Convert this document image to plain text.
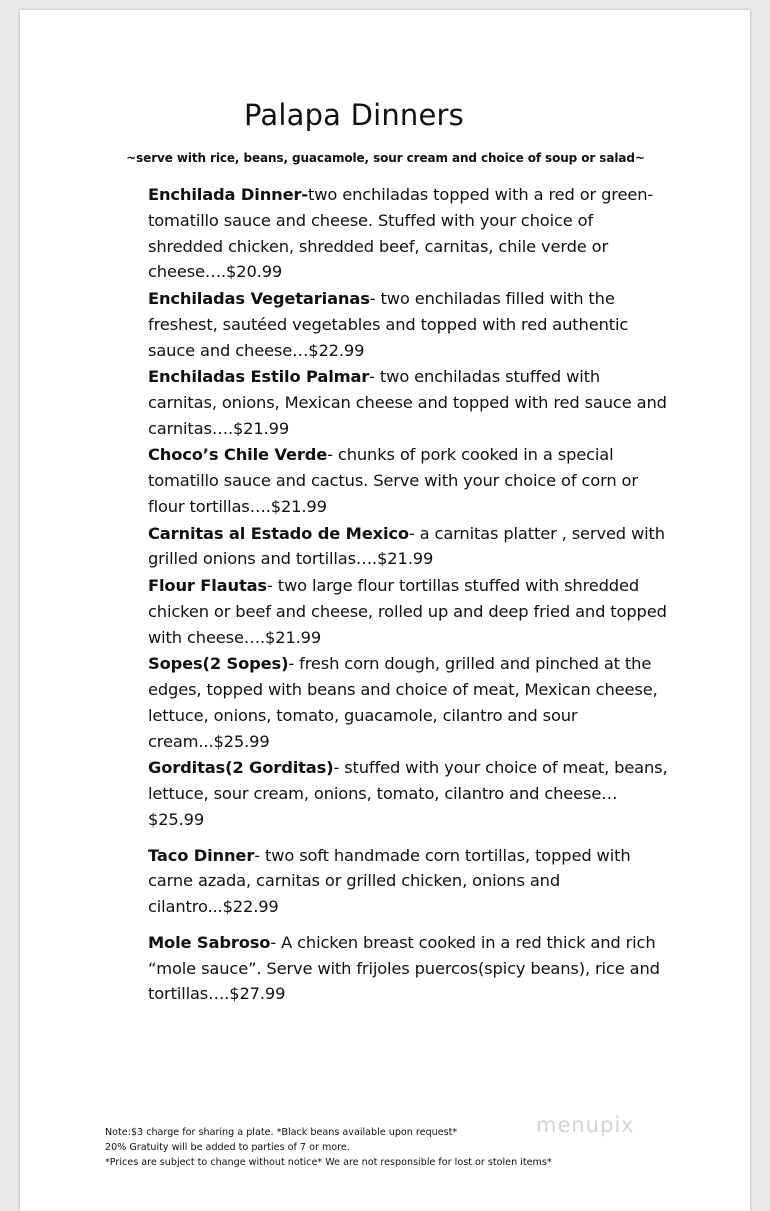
Palapa Dinners
~serve with rice, beans, guacamole, sour cream and choice of soup or salad~
Enchilada Dinner-two enchiladas topped with a red or green-tomatillo sauce and cheese. Stuffed with your choice of shredded chicken, shredded beef, carnitas, chile verde or cheese….$20.99
Enchiladas Vegetarianas- two enchiladas filled with the freshest, sautéed vegetables and topped with red authentic sauce and cheese…$22.99
Enchiladas Estilo Palmar- two enchiladas stuffed with carnitas, onions, Mexican cheese and topped with red sauce and carnitas….$21.99
Choco’s Chile Verde- chunks of pork cooked in a special tomatillo sauce and cactus. Serve with your choice of corn or flour tortillas….$21.99
Carnitas al Estado de Mexico- a carnitas platter , served with grilled onions and tortillas….$21.99
Flour Flautas- two large flour tortillas stuffed with shredded chicken or beef and cheese, rolled up and deep fried and topped with cheese….$21.99
Sopes(2 Sopes)- fresh corn dough, grilled and pinched at the edges, topped with beans and choice of meat, Mexican cheese, lettuce, onions, tomato, guacamole, cilantro and sour cream...$25.99
Gorditas(2 Gorditas)- stuffed with your choice of meat, beans, lettuce, sour cream, onions, tomato, cilantro and cheese…$25.99
Taco Dinner- two soft handmade corn tortillas, topped with carne azada, carnitas or grilled chicken, onions and cilantro...$22.99
Mole Sabroso- A chicken breast cooked in a red thick and rich “mole sauce”. Serve with frijoles puercos(spicy beans), rice and tortillas….$27.99
Note:$3 charge for sharing a plate. *Black beans available upon request*
20% Gratuity will be added to parties of 7 or more.
*Prices are subject to change without notice* We are not responsible for lost or stolen items*
menupix
